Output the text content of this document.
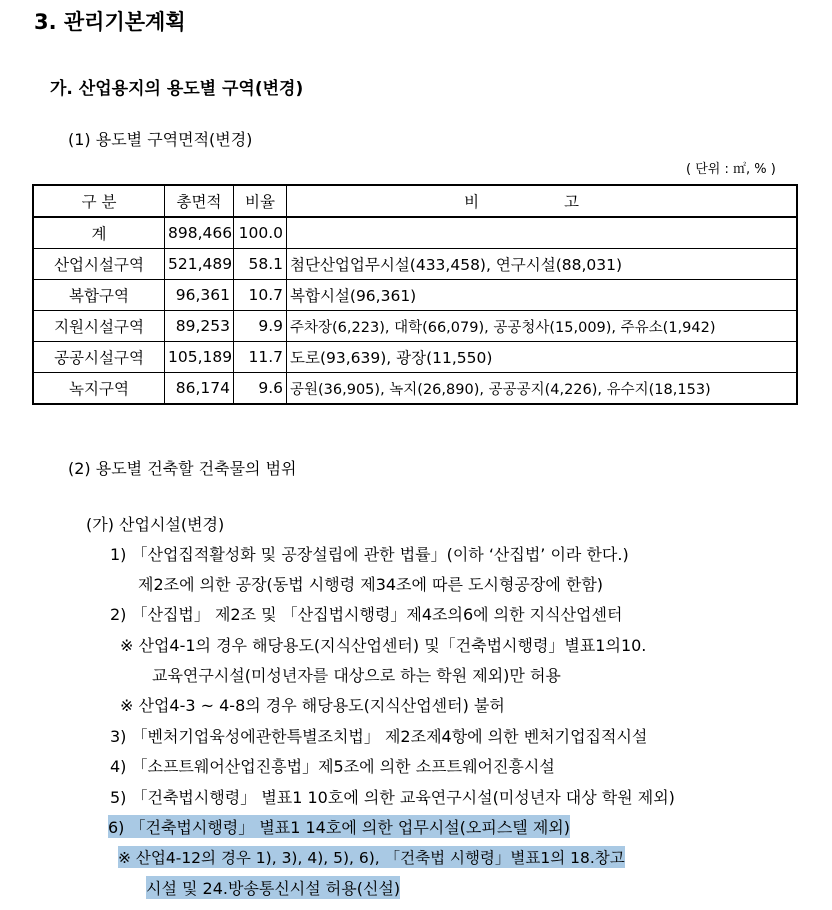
3. 관리기본계획
가. 산업용지의 용도별 구역(변경)
(1) 용도별 구역면적(변경)
( 단위 : ㎡, % )
구 분	총면적	비율	비 고
계	898,466	100.0	
산업시설구역	521,489	58.1	첨단산업업무시설(433,458), 연구시설(88,031)
복합구역	96,361	10.7	복합시설(96,361)
지원시설구역	89,253	9.9	주차장(6,223), 대학(66,079), 공공청사(15,009), 주유소(1,942)
공공시설구역	105,189	11.7	도로(93,639), 광장(11,550)
녹지구역	86,174	9.6	공원(36,905), 녹지(26,890), 공공공지(4,226), 유수지(18,153)
(2) 용도별 건축할 건축물의 범위
(가) 산업시설(변경)
1) 「산업집적활성화 및 공장설립에 관한 법률」(이하 ‘산집법’ 이라 한다.)
제2조에 의한 공장(동법 시행령 제34조에 따른 도시형공장에 한함)
2) 「산집법」 제2조 및 「산집법시행령」제4조의6에 의한 지식산업센터
※ 산업4-1의 경우 해당용도(지식산업센터) 및「건축법시행령」별표1의10.
교육연구시설(미성년자를 대상으로 하는 학원 제외)만 허용
※ 산업4-3 ~ 4-8의 경우 해당용도(지식산업센터) 불허
3) 「벤처기업육성에관한특별조치법」 제2조제4항에 의한 벤처기업집적시설
4) 「소프트웨어산업진흥법」제5조에 의한 소프트웨어진흥시설
5) 「건축법시행령」 별표1 10호에 의한 교육연구시설(미성년자 대상 학원 제외)
6) 「건축법시행령」 별표1 14호에 의한 업무시설(오피스텔 제외)
※ 산업4-12의 경우 1), 3), 4), 5), 6), 「건축법 시행령」별표1의 18.창고
시설 및 24.방송통신시설 허용(신설)
